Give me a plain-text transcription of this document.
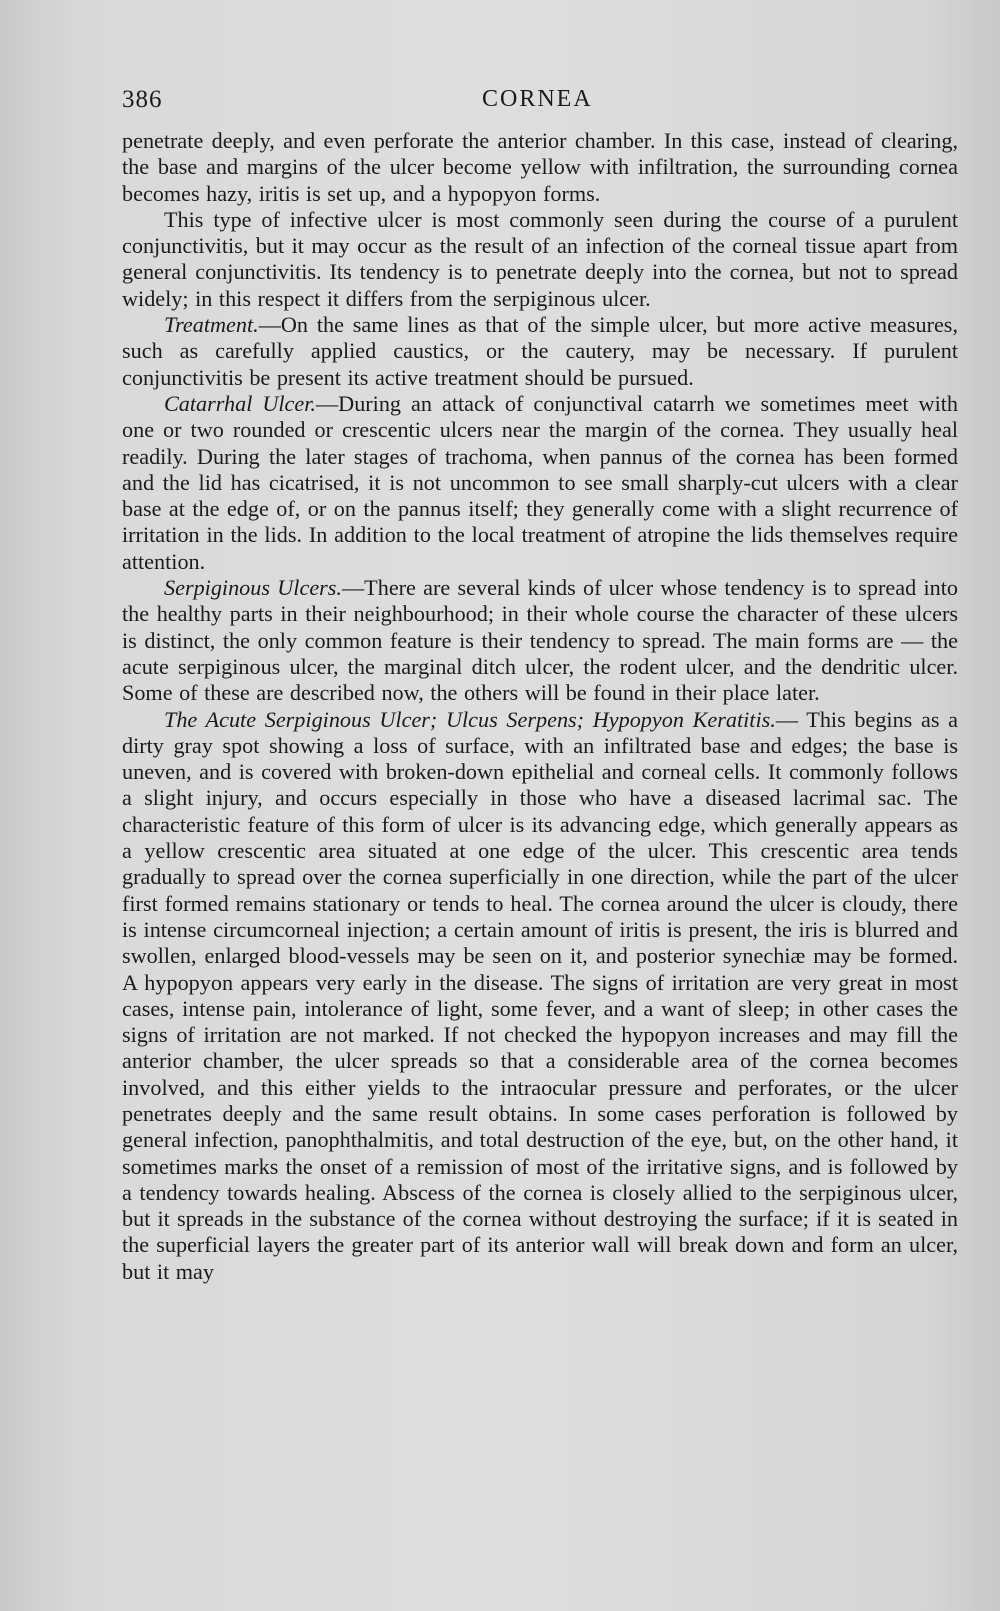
386	CORNEA

penetrate deeply, and even perforate the anterior chamber. In this case, instead of clearing, the base and margins of the ulcer become yellow with infiltration, the surrounding cornea becomes hazy, iritis is set up, and a hypopyon forms.

This type of infective ulcer is most commonly seen during the course of a purulent conjunctivitis, but it may occur as the result of an infection of the corneal tissue apart from general conjunctivitis. Its tendency is to penetrate deeply into the cornea, but not to spread widely; in this respect it differs from the serpiginous ulcer.

Treatment.—On the same lines as that of the simple ulcer, but more active measures, such as carefully applied caustics, or the cautery, may be necessary. If purulent conjunctivitis be present its active treatment should be pursued.

Catarrhal Ulcer.—During an attack of conjunctival catarrh we sometimes meet with one or two rounded or crescentic ulcers near the margin of the cornea. They usually heal readily. During the later stages of trachoma, when pannus of the cornea has been formed and the lid has cicatrised, it is not uncommon to see small sharply-cut ulcers with a clear base at the edge of, or on the pannus itself; they generally come with a slight recurrence of irritation in the lids. In addition to the local treatment of atropine the lids themselves require attention.

Serpiginous Ulcers.—There are several kinds of ulcer whose tendency is to spread into the healthy parts in their neighbourhood; in their whole course the character of these ulcers is distinct, the only common feature is their tendency to spread. The main forms are — the acute serpiginous ulcer, the marginal ditch ulcer, the rodent ulcer, and the dendritic ulcer. Some of these are described now, the others will be found in their place later.

The Acute Serpiginous Ulcer; Ulcus Serpens; Hypopyon Keratitis.— This begins as a dirty gray spot showing a loss of surface, with an infiltrated base and edges; the base is uneven, and is covered with broken-down epithelial and corneal cells. It commonly follows a slight injury, and occurs especially in those who have a diseased lacrimal sac. The characteristic feature of this form of ulcer is its advancing edge, which generally appears as a yellow crescentic area situated at one edge of the ulcer. This crescentic area tends gradually to spread over the cornea superficially in one direction, while the part of the ulcer first formed remains stationary or tends to heal. The cornea around the ulcer is cloudy, there is intense circumcorneal injection; a certain amount of iritis is present, the iris is blurred and swollen, enlarged blood-vessels may be seen on it, and posterior synechiæ may be formed. A hypopyon appears very early in the disease. The signs of irritation are very great in most cases, intense pain, intolerance of light, some fever, and a want of sleep; in other cases the signs of irritation are not marked. If not checked the hypopyon increases and may fill the anterior chamber, the ulcer spreads so that a considerable area of the cornea becomes involved, and this either yields to the intraocular pressure and perforates, or the ulcer penetrates deeply and the same result obtains. In some cases perforation is followed by general infection, panophthalmitis, and total destruction of the eye, but, on the other hand, it sometimes marks the onset of a remission of most of the irritative signs, and is followed by a tendency towards healing. Abscess of the cornea is closely allied to the serpiginous ulcer, but it spreads in the substance of the cornea without destroying the surface; if it is seated in the superficial layers the greater part of its anterior wall will break down and form an ulcer, but it may
